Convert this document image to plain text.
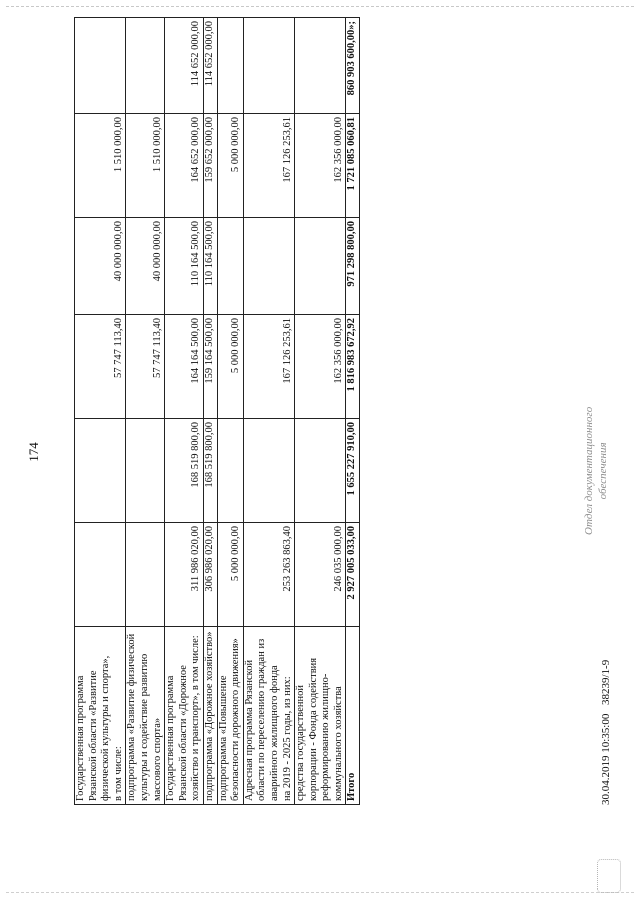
174
Государственная программа Рязанской области «Развитие физической культуры и спорта», в том числе:			57 747 113,40	40 000 000,00	1 510 000,00	

подпрограмма «Развитие физической культуры и содействие развитию массового спорта»			57 747 113,40	40 000 000,00	1 510 000,00	

Государственная программа Рязанской области «Дорожное хозяйство и транспорт», в том числе:	311 986 020,00	168 519 800,00	164 164 500,00	110 164 500,00	164 652 000,00	114 652 000,00

подпрограмма «Дорожное хозяйство»	306 986 020,00	168 519 800,00	159 164 500,00	110 164 500,00	159 652 000,00	114 652 000,00

подпрограмма «Повышение безопасности дорожного движения»	5 000 000,00		5 000 000,00		5 000 000,00	

Адресная программа Рязанской области по переселению граждан из аварийного жилищного фонда на 2019 - 2025 годы, из них:	253 263 863,40		167 126 253,61		167 126 253,61	

средства государственной корпорации - Фонда содействия реформированию жилищно- коммунального хозяйства	246 035 000,00		162 356 000,00		162 356 000,00	

Итого	2 927 005 033,00	1 655 227 910,00	1 816 983 672,92	971 298 800,00	1 721 085 060,81	860 903 600,00»;
30.04.2019 10:35:00
38239/1-9
Отдел документационного обеспечения
